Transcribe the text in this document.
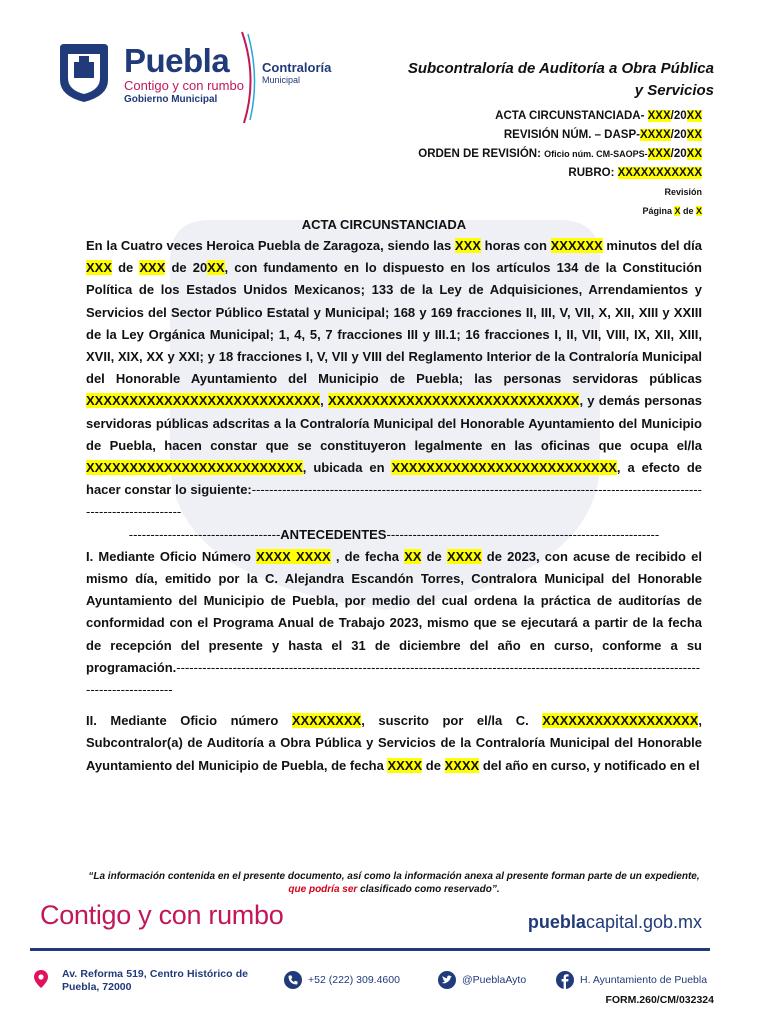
Puebla
Contigo y con rumbo
Gobierno Municipal
Contraloría
Municipal
Subcontraloría de Auditoría a Obra Pública
y Servicios
ACTA CIRCUNSTANCIADA- XXX/20XX
REVISIÓN NÚM. – DASP-XXXX/20XX
ORDEN DE REVISIÓN: Oficio núm. CM-SAOPS-XXX/20XX
RUBRO: XXXXXXXXXXX
Revisión
Página X de X
ACTA CIRCUNSTANCIADA

En la Cuatro veces Heroica Puebla de Zaragoza, siendo las XXX horas con XXXXXX minutos del día XXX de XXX de 20XX, con fundamento en lo dispuesto en los artículos 134 de la Constitución Política de los Estados Unidos Mexicanos; 133 de la Ley de Adquisiciones, Arrendamientos y Servicios del Sector Público Estatal y Municipal; 168 y 169 fracciones II, III, V, VII, X, XII, XIII y XXIII de la Ley Orgánica Municipal; 1, 4, 5, 7 fracciones III y III.1; 16 fracciones I, II, VII, VIII, IX, XII, XIII, XVII, XIX, XX y XXI; y 18 fracciones I, V, VII y VIII del Reglamento Interior de la Contraloría Municipal del Honorable Ayuntamiento del Municipio de Puebla; las personas servidoras públicas XXXXXXXXXXXXXXXXXXXXXXXXXXX, XXXXXXXXXXXXXXXXXXXXXXXXXXXXX, y demás personas servidoras públicas adscritas a la Contraloría Municipal del Honorable Ayuntamiento del Municipio de Puebla, hacen constar que se constituyeron legalmente en las oficinas que ocupa el/la XXXXXXXXXXXXXXXXXXXXXXXXX, ubicada en XXXXXXXXXXXXXXXXXXXXXXXXXX, a efecto de hacer constar lo siguiente:------------------------------------------------------------------------------------------------------------------------------

-----------------------------------ANTECEDENTES---------------------------------------------------------------

I. Mediante Oficio Número XXXX XXXX , de fecha XX de XXXX de 2023, con acuse de recibido el mismo día, emitido por la C. Alejandra Escandón Torres, Contralora Municipal del Honorable Ayuntamiento del Municipio de Puebla, por medio del cual ordena la práctica de auditorías de conformidad con el Programa Anual de Trabajo 2023, mismo que se ejecutará a partir de la fecha de recepción del presente y hasta el 31 de diciembre del año en curso, conforme a su programación.---------------------------------------------------------------------------------------------------------------------------------------------

II. Mediante Oficio número XXXXXXXX, suscrito por el/la C. XXXXXXXXXXXXXXXXXX, Subcontralor(a) de Auditoría a Obra Pública y Servicios de la Contraloría Municipal del Honorable Ayuntamiento del Municipio de Puebla, de fecha XXXX de XXXX del año en curso, y notificado en el

“La información contenida en el presente documento, así como la información anexa al presente forman parte de un expediente, que podría ser clasificado como reservado”.
Contigo y con rumbo	pueblacapital.gob.mx
Av. Reforma 519, Centro Histórico de Puebla, 72000
+52 (222) 309.4600	@PueblaAyto	H. Ayuntamiento de Puebla
FORM.260/CM/032324
